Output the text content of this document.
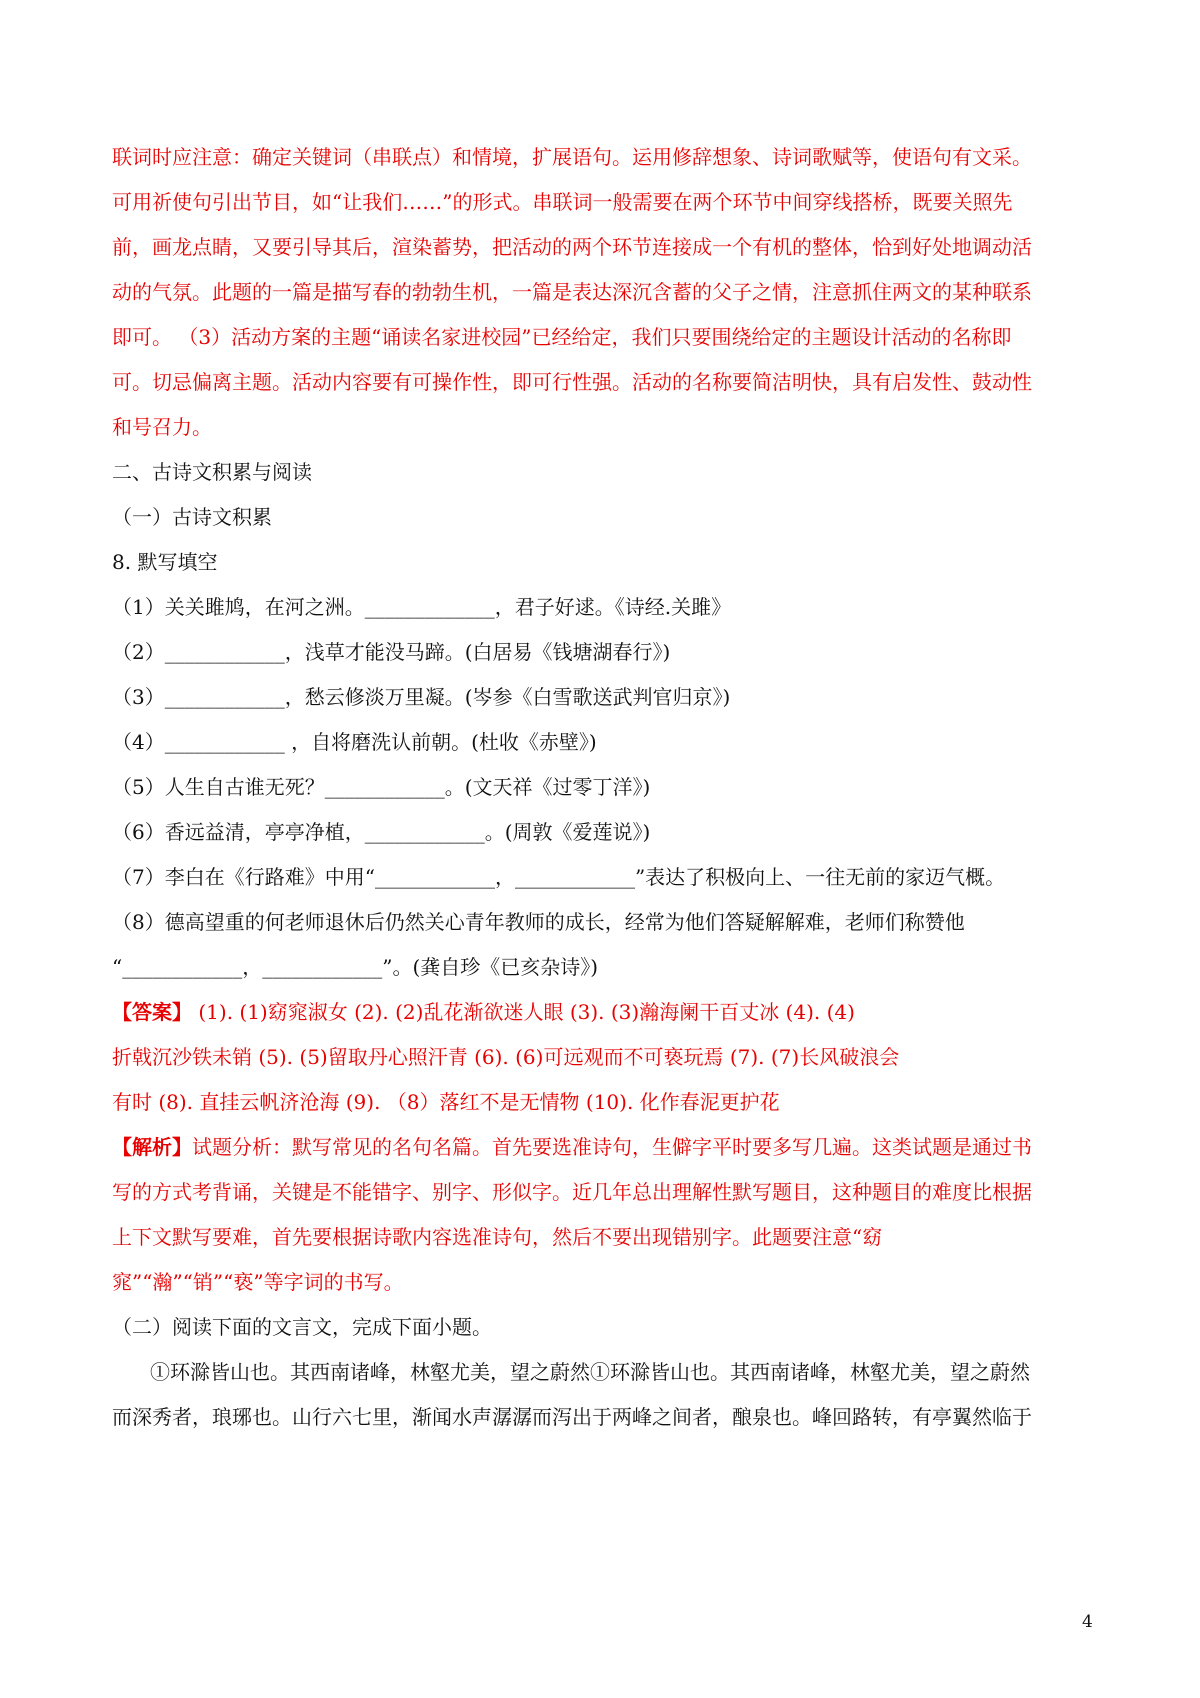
联词时应注意：确定关键词（串联点）和情境，扩展语句。运用修辞想象、诗词歌赋等，使语句有文采。
可用祈使句引出节目，如“让我们……”的形式。串联词一般需要在两个环节中间穿线搭桥，既要关照先
前，画龙点睛，又要引导其后，渲染蓄势，把活动的两个环节连接成一个有机的整体，恰到好处地调动活
动的气氛。此题的一篇是描写春的勃勃生机，一篇是表达深沉含蓄的父子之情，注意抓住两文的某种联系
即可。 （3）活动方案的主题“诵读名家进校园”已经给定，我们只要围绕给定的主题设计活动的名称即
可。切忌偏离主题。活动内容要有可操作性，即可行性强。活动的名称要简洁明快，具有启发性、鼓动性
和号召力。
二、古诗文积累与阅读
（一）古诗文积累
8. 默写填空
（1）关关雎鸠，在河之洲。_____________，君子好逑。《诗经.关雎》
（2）____________，浅草才能没马蹄。(白居易《钱塘湖春行》)
（3）____________，愁云修淡万里凝。(岑参《白雪歌送武判官归京》)
（4）____________ ，自将磨洗认前朝。(杜收《赤壁》)
（5）人生自古谁无死？____________。(文天祥《过零丁洋》)
（6）香远益清，亭亭净植，____________。(周敦《爱莲说》)
（7）李白在《行路难》中用“____________，____________”表达了积极向上、一往无前的家迈气概。
（8）德高望重的何老师退休后仍然关心青年教师的成长，经常为他们答疑解解难，老师们称赞他
“____________，____________”。(龚自珍《已亥杂诗》)
【答案】 (1). (1)窈窕淑女 (2). (2)乱花渐欲迷人眼 (3). (3)瀚海阑干百丈冰 (4). (4)
折戟沉沙铁未销 (5). (5)留取丹心照汗青 (6). (6)可远观而不可亵玩焉 (7). (7)长风破浪会
有时 (8). 直挂云帆济沧海 (9). （8）落红不是无情物 (10). 化作春泥更护花
【解析】试题分析：默写常见的名句名篇。首先要选准诗句，生僻字平时要多写几遍。这类试题是通过书
写的方式考背诵，关键是不能错字、别字、形似字。近几年总出理解性默写题目，这种题目的难度比根据
上下文默写要难，首先要根据诗歌内容选准诗句，然后不要出现错别字。此题要注意“窈
窕”“瀚”“销”“亵”等字词的书写。
（二）阅读下面的文言文，完成下面小题。
①环滁皆山也。其西南诸峰，林壑尤美，望之蔚然①环滁皆山也。其西南诸峰，林壑尤美，望之蔚然
而深秀者，琅琊也。山行六七里，渐闻水声潺潺而泻出于两峰之间者，酿泉也。峰回路转，有亭翼然临于
4
